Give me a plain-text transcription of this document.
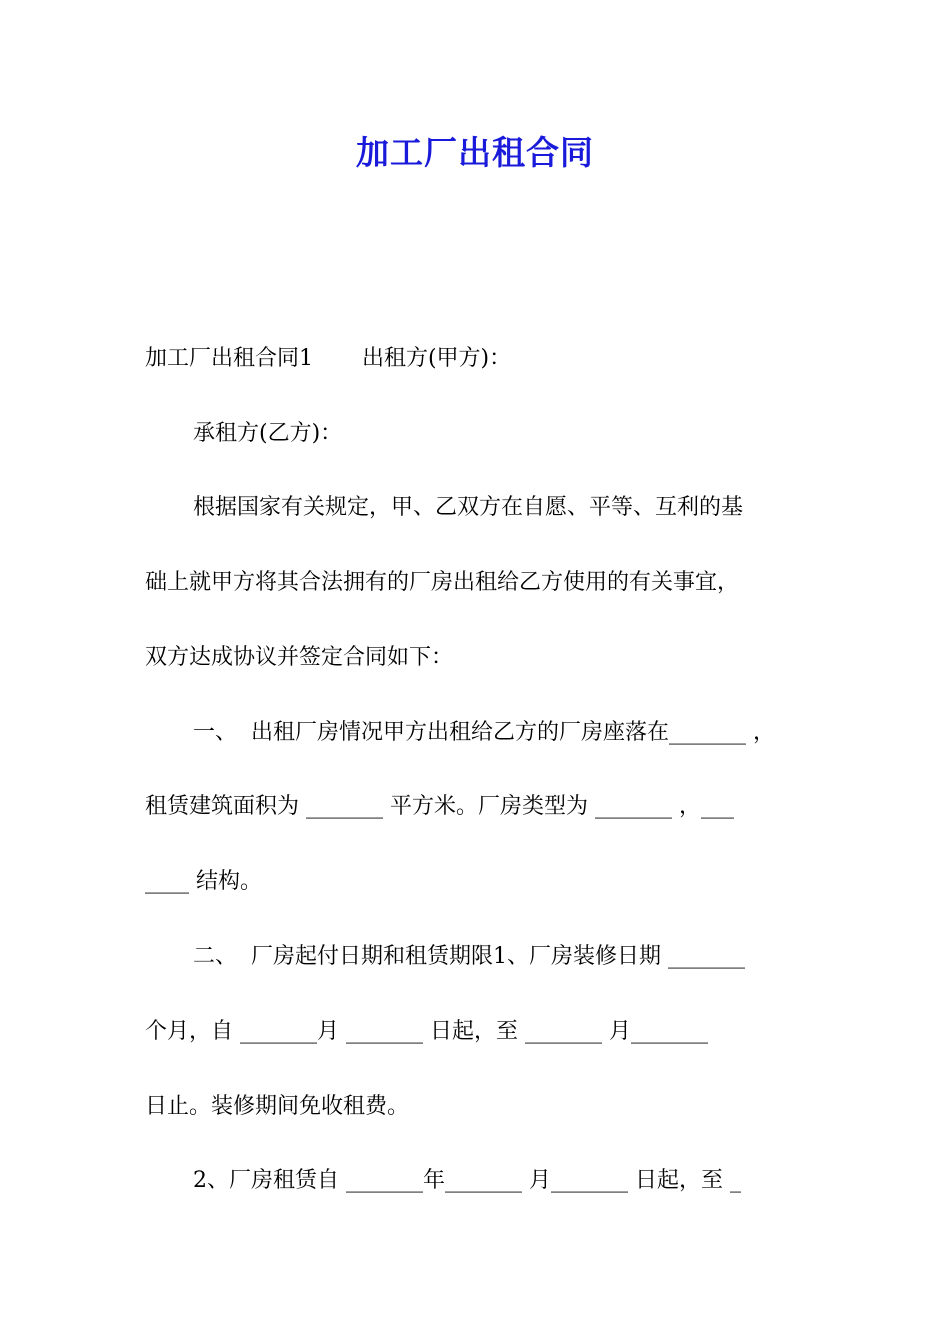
加工厂出租合同
加工厂出租合同1       出租方(甲方)：
承租方(乙方)：
根据国家有关规定，甲、乙双方在自愿、平等、互利的基
础上就甲方将其合法拥有的厂房出租给乙方使用的有关事宜，
双方达成协议并签定合同如下：
一、  出租厂房情况甲方出租给乙方的厂房座落在_______ ，
租赁建筑面积为 _______ 平方米。厂房类型为 _______ ，___
____ 结构。
二、  厂房起付日期和租赁期限1、厂房装修日期 _______
个月，自 _______月 _______ 日起，至 _______ 月_______
日止。装修期间免收租费。
2、厂房租赁自 _______年_______ 月_______ 日起，至 _
